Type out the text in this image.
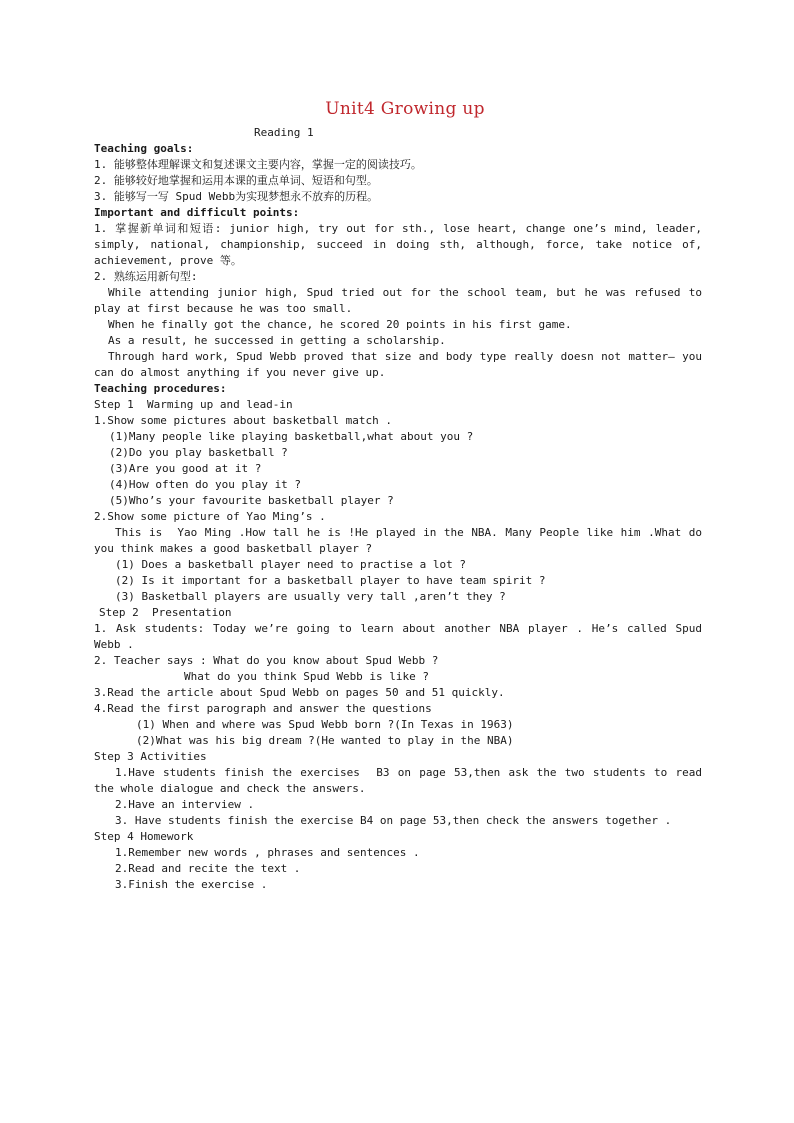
Unit4 Growing up
Reading 1
Teaching goals:
1. 能够整体理解课文和复述课文主要内容，掌握一定的阅读技巧。
2. 能够较好地掌握和运用本课的重点单词、短语和句型。
3. 能够写一写 Spud Webb为实现梦想永不放弃的历程。
Important and difficult points:
1. 掌握新单词和短语: junior high, try out for sth., lose heart, change one’s mind, leader, simply, national, championship, succeed in doing sth, although, force, take notice of, achievement, prove 等。
2. 熟练运用新句型:
While attending junior high, Spud tried out for the school team, but he was refused to play at first because he was too small.
When he finally got the chance, he scored 20 points in his first game.
As a result, he successed in getting a scholarship.
Through hard work, Spud Webb proved that size and body type really doesn not matter— you can do almost anything if you never give up.
Teaching procedures:
Step 1  Warming up and lead-in
1.Show some pictures about basketball match .
(1)Many people like playing basketball,what about you ?
(2)Do you play basketball ?
(3)Are you good at it ?
(4)How often do you play it ?
(5)Who’s your favourite basketball player ?
2.Show some picture of Yao Ming’s .
This is  Yao Ming .How tall he is !He played in the NBA. Many People like him .What do you think makes a good basketball player ?
(1) Does a basketball player need to practise a lot ?
(2) Is it important for a basketball player to have team spirit ?
(3) Basketball players are usually very tall ,aren’t they ?
Step 2  Presentation
1. Ask students: Today we’re going to learn about another NBA player . He’s called Spud Webb .
2. Teacher says : What do you know about Spud Webb ?
What do you think Spud Webb is like ?
3.Read the article about Spud Webb on pages 50 and 51 quickly.
4.Read the first parograph and answer the questions
(1) When and where was Spud Webb born ?(In Texas in 1963)
(2)What was his big dream ?(He wanted to play in the NBA)
Step 3 Activities
1.Have students finish the exercises  B3 on page 53,then ask the two students to read the whole dialogue and check the answers.
2.Have an interview .
3. Have students finish the exercise B4 on page 53,then check the answers together .
Step 4 Homework
1.Remember new words , phrases and sentences .
2.Read and recite the text .
3.Finish the exercise .
